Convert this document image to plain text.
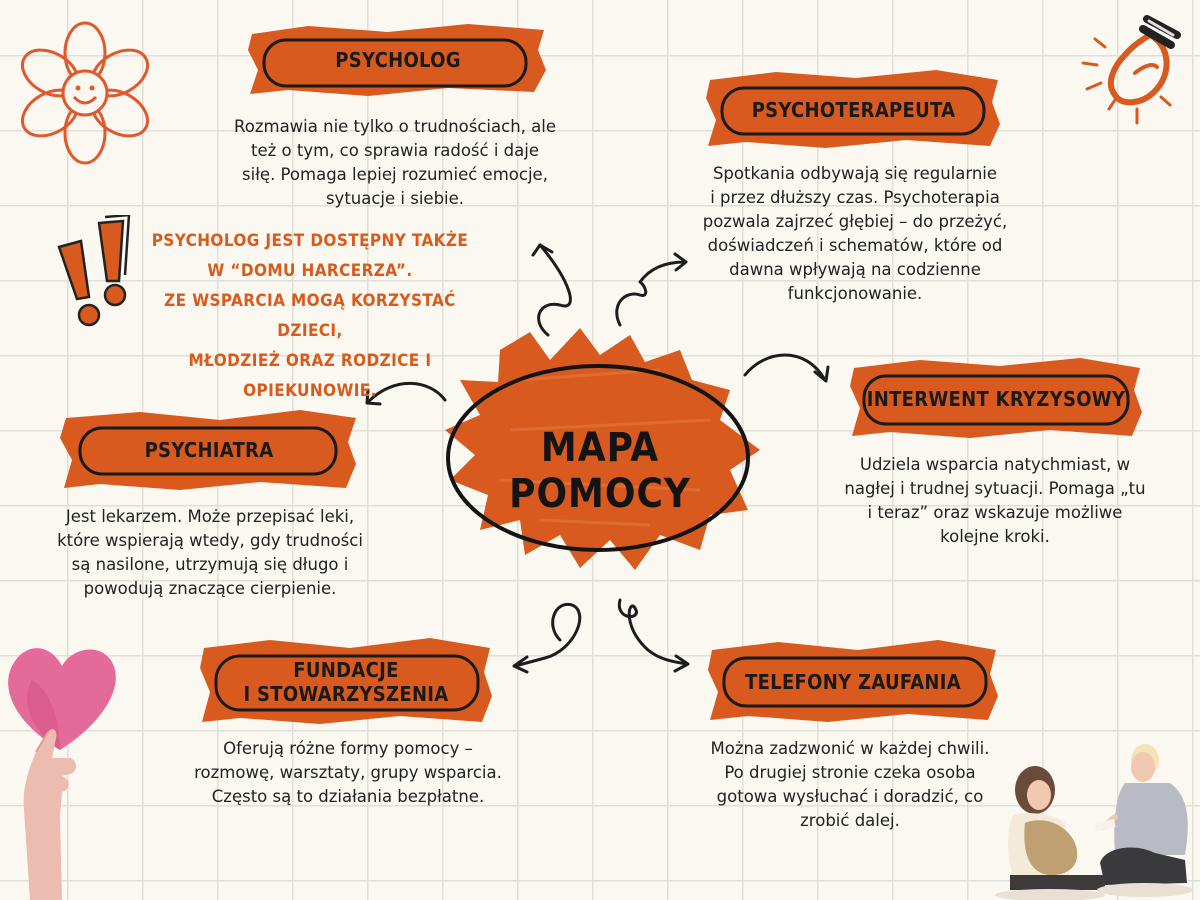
MAPA POMOCY
PSYCHOLOG
PSYCHOTERAPEUTA
PSYCHIATRA
INTERWENT KRYZYSOWY
FUNDACJE
I STOWARZYSZENIA	TELEFONY ZAUFANIA
Rozmawia nie tylko o trudnościach, ale
też o tym, co sprawia radość i daje
siłę. Pomaga lepiej rozumieć emocje,
sytuacje i siebie.
Spotkania odbywają się regularnie
i przez dłuższy czas. Psychoterapia
pozwala zajrzeć głębiej – do przeżyć,
doświadczeń i schematów, które od
dawna wpływają na codzienne
funkcjonowanie.
Jest lekarzem. Może przepisać leki,
które wspierają wtedy, gdy trudności
są nasilone, utrzymują się długo i
powodują znaczące cierpienie.
Udziela wsparcia natychmiast, w
nagłej i trudnej sytuacji. Pomaga „tu
i teraz” oraz wskazuje możliwe
kolejne kroki.
Oferują różne formy pomocy –
rozmowę, warsztaty, grupy wsparcia.
Często są to działania bezpłatne.
Można zadzwonić w każdej chwili.
Po drugiej stronie czeka osoba
gotowa wysłuchać i doradzić, co
zrobić dalej.
PSYCHOLOG JEST DOSTĘPNY TAKŻE
W “DOMU HARCERZA”.
ZE WSPARCIA MOGĄ KORZYSTAĆ DZIECI,
MŁODZIEŻ ORAZ RODZICE I OPIEKUNOWIE.
